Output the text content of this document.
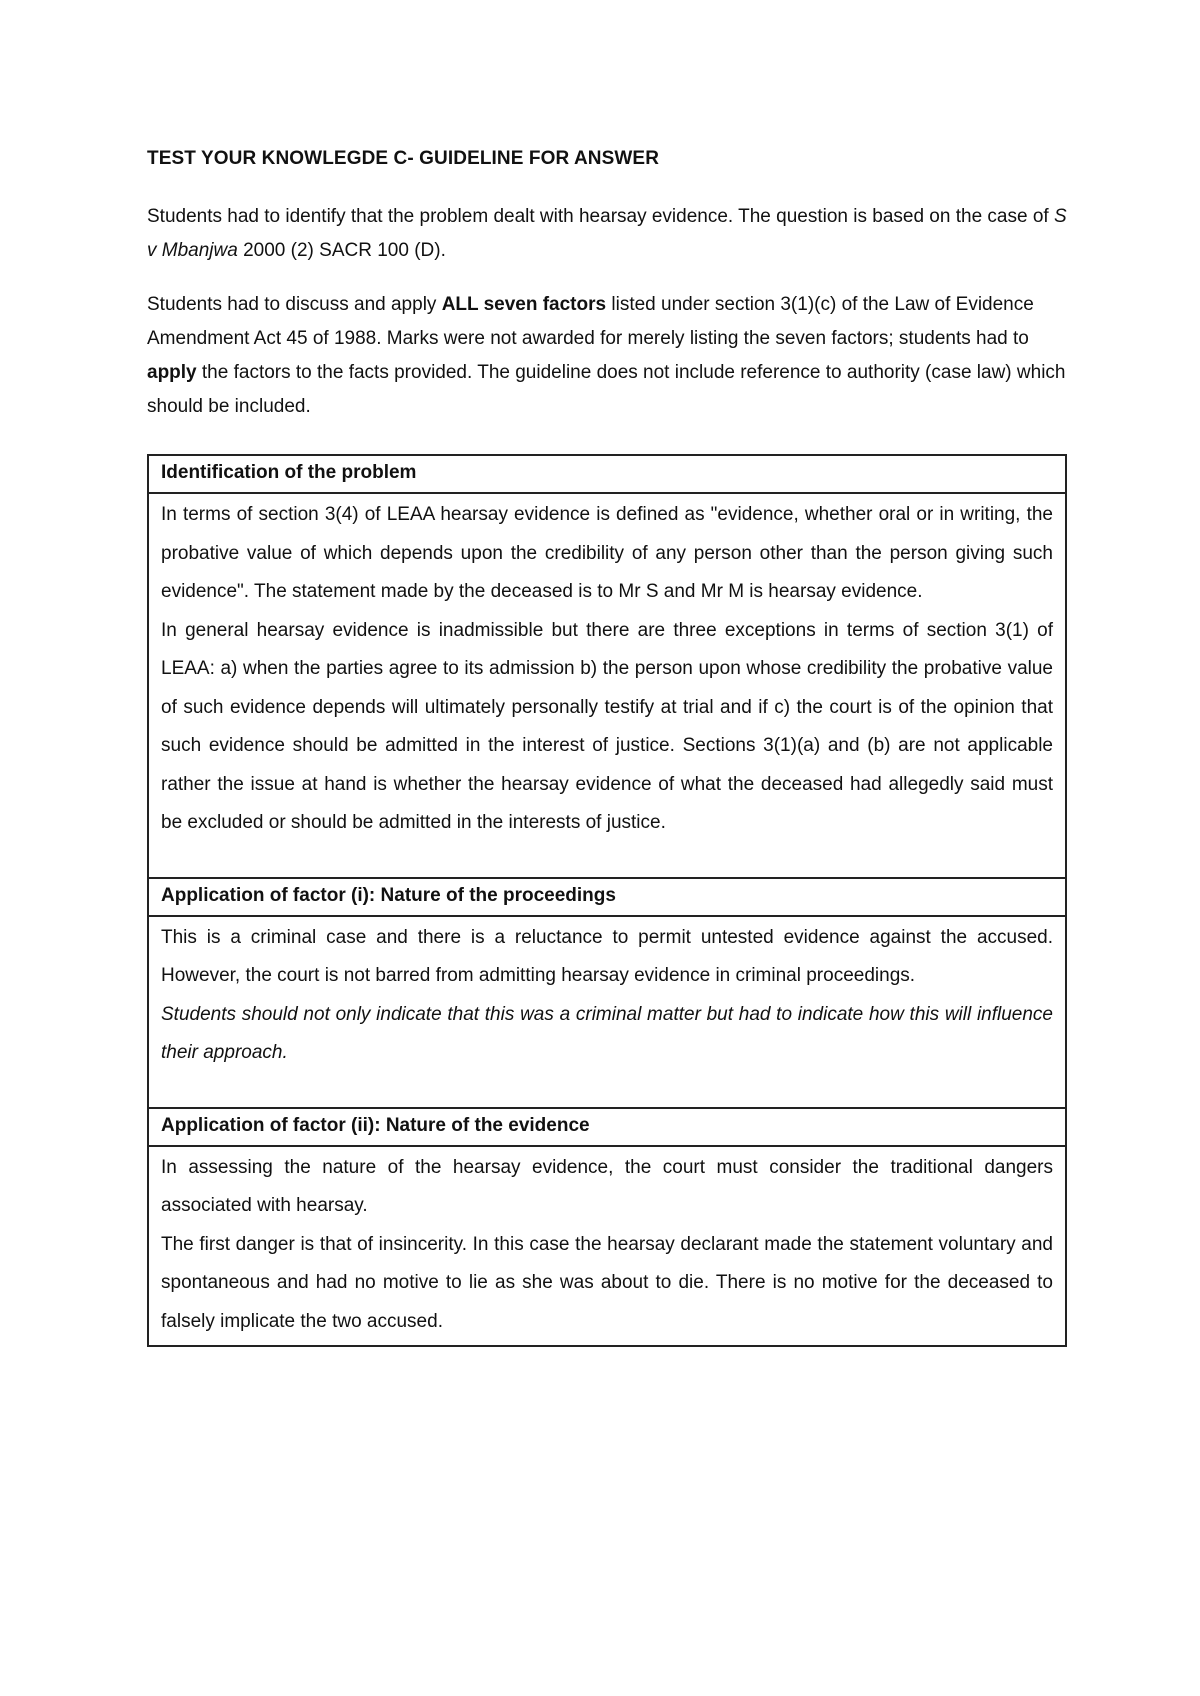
TEST YOUR KNOWLEGDE C- GUIDELINE FOR ANSWER
Students had to identify that the problem dealt with hearsay evidence. The question is based on the case of S v Mbanjwa 2000 (2) SACR 100 (D).
Students had to discuss and apply ALL seven factors listed under section 3(1)(c) of the Law of Evidence Amendment Act 45 of 1988. Marks were not awarded for merely listing the seven factors; students had to apply the factors to the facts provided. The guideline does not include reference to authority (case law) which should be included.
Identification of the problem

In terms of section 3(4) of LEAA hearsay evidence is defined as "evidence, whether oral or in writing, the probative value of which depends upon the credibility of any person other than the person giving such evidence". The statement made by the deceased is to Mr S and Mr M is hearsay evidence.

In general hearsay evidence is inadmissible but there are three exceptions in terms of section 3(1) of LEAA: a) when the parties agree to its admission b) the person upon whose credibility the probative value of such evidence depends will ultimately personally testify at trial and if c) the court is of the opinion that such evidence should be admitted in the interest of justice. Sections 3(1)(a) and (b) are not applicable rather the issue at hand is whether the hearsay evidence of what the deceased had allegedly said must be excluded or should be admitted in the interests of justice.

Application of factor (i): Nature of the proceedings

This is a criminal case and there is a reluctance to permit untested evidence against the accused. However, the court is not barred from admitting hearsay evidence in criminal proceedings.

Students should not only indicate that this was a criminal matter but had to indicate how this will influence their approach.

Application of factor (ii): Nature of the evidence

In assessing the nature of the hearsay evidence, the court must consider the traditional dangers associated with hearsay.

The first danger is that of insincerity. In this case the hearsay declarant made the statement voluntary and spontaneous and had no motive to lie as she was about to die. There is no motive for the deceased to falsely implicate the two accused.
